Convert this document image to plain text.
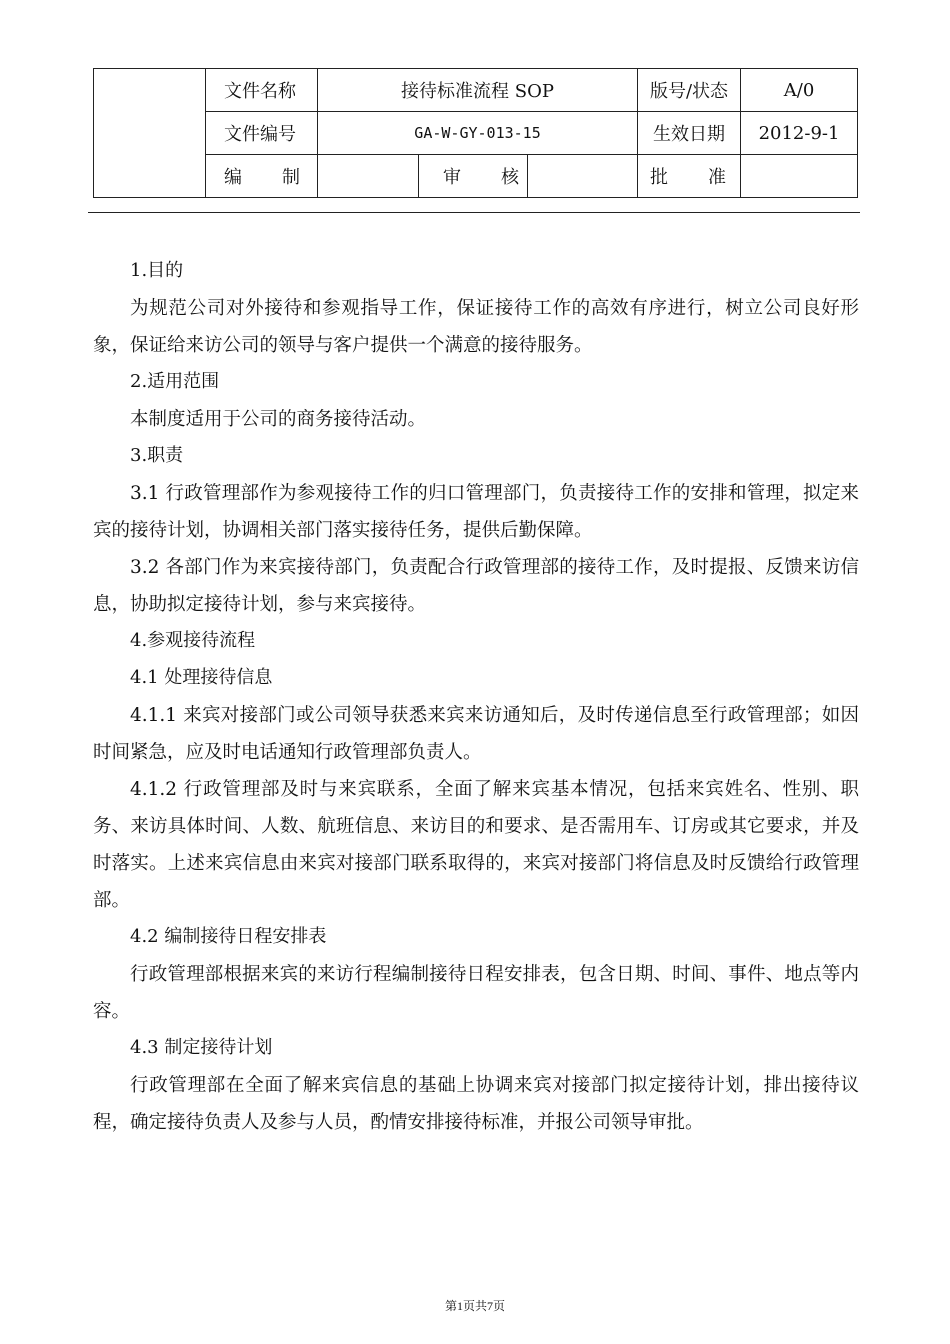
	文件名称	接待标准流程 SOP			版号/状态	A/0
	文件编号	GA-W-GY-013-15			生效日期	2012-9-1
	编 制		审 核		批 准	

1.目的

为规范公司对外接待和参观指导工作，保证接待工作的高效有序进行，树立公司良好形象，保证给来访公司的领导与客户提供一个满意的接待服务。

2.适用范围

本制度适用于公司的商务接待活动。

3.职责

3.1 行政管理部作为参观接待工作的归口管理部门，负责接待工作的安排和管理，拟定来宾的接待计划，协调相关部门落实接待任务，提供后勤保障。

3.2 各部门作为来宾接待部门，负责配合行政管理部的接待工作，及时提报、反馈来访信息，协助拟定接待计划，参与来宾接待。

4.参观接待流程

4.1 处理接待信息

4.1.1 来宾对接部门或公司领导获悉来宾来访通知后，及时传递信息至行政管理部；如因时间紧急，应及时电话通知行政管理部负责人。

4.1.2 行政管理部及时与来宾联系，全面了解来宾基本情况，包括来宾姓名、性别、职务、来访具体时间、人数、航班信息、来访目的和要求、是否需用车、订房或其它要求，并及时落实。上述来宾信息由来宾对接部门联系取得的，来宾对接部门将信息及时反馈给行政管理部。

4.2 编制接待日程安排表

行政管理部根据来宾的来访行程编制接待日程安排表，包含日期、时间、事件、地点等内容。

4.3 制定接待计划

行政管理部在全面了解来宾信息的基础上协调来宾对接部门拟定接待计划，排出接待议程，确定接待负责人及参与人员，酌情安排接待标准，并报公司领导审批。

第1页共7页
